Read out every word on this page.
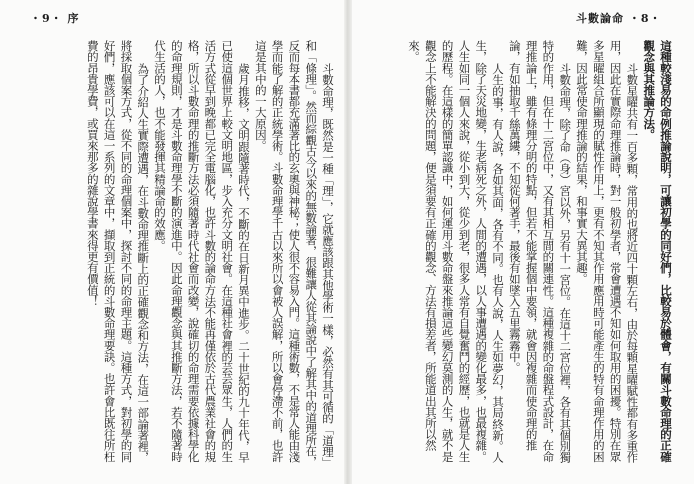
・9・ 序	斗數論命 ・8・

斗數命理，既然是一種「理」，它就應該跟其他學術一樣，必然有其可循的「道理」和「條理」。然而綜觀古今以來的無數論著，很難讓人從其論說中了解其中的道理所在，反而每本書都充滿著比的玄奧與神秘；使人很不容易入門。這種術數，不是常人能由淺學而能了解的正統學術。斗數命理學千古以來所以會被人誤解，所以會停滯不前，也許這是其中的一大原因。

歲月推移，文明跟隨著時代，不斷的在日新月異中進步。二十世紀的九十年代，早已使這個世界上較文明地區，步入充分文明社會。在這種社會裡的芸芸眾生，人們的生活方式從早到晚都已完全電腦化，也許斗數的論命方法不能再僅依於古代農業社會的規格，所以斗數命理的推斷方法必須隨著時代社會而改變，說確切的命理需要依據科學化的命理規則，才是斗數命理學不斷的演進中。因此命理觀念與其推斷方法，若不隨著時代生活的人，也不能發揮其精論命的效應。

為了介紹人生實際遭遇，在斗數命理推斷上的正確觀念和方法，在這一部論著裡，將採取個案方式，從不同的命理個案中，探討不同的命理主題。這種方式，對初學的同好們，應該可以在這一系列的文章中，擷取到正統的斗數命理要訣。也許會比既往所枉費的昂貴學費，或買來那多的雜說學書來得更有價值！	這種較淺易的命例推論說明，可讓初學的同好們，比較易於體會，有關斗數命理的正確觀念與其推論方法。

斗數星曜共有一百多顆，常用的也將近四十顆左右，由於每顆星曜賦性都有多重作用，因此在實際命理推論時，對一般初學者，常會遭遇不知如何取用的困擾。特別在眾多星曜組合所顯現的賦性作用上，更有不知其作用應用時可能產生的特有命理作用的困難，因此常使命理推論的結果，和事實大異其趣。

斗數命理，除了命（身）宮以外，另有十一宮位。在這十二宮位裡，各有其個別獨特的作用，但在十二宮位中，又有其相互間的關連性。這種複雜的命盤程式設計，在命理推論上，雖有條理分明的特點，但若不能掌握個中要領，就會因複雜而使命理的推論，有如抽取千絲萬縷，不知從何著手，最後有如墜入五里霧霧中。

人生的事，有人說，各如其面，各有不同。也有人說，人生如夢幻，其局終新。人生，除了天災地變，生老病死之外，人間的遭遇，以人事遭遇的變化最多，也最複雜。人生如同一個人來說，從小到大，從少到老，很多人常有自覺奮鬥的經歷，也就是人生的歷程。在這樣的簡單認識中，如何運用斗數命盤來推論這些變幻莫測的人生，就不是觀念上不能解決的問題，便是須要有正確的觀念、方法有損差者，所能道出其所以然來。
